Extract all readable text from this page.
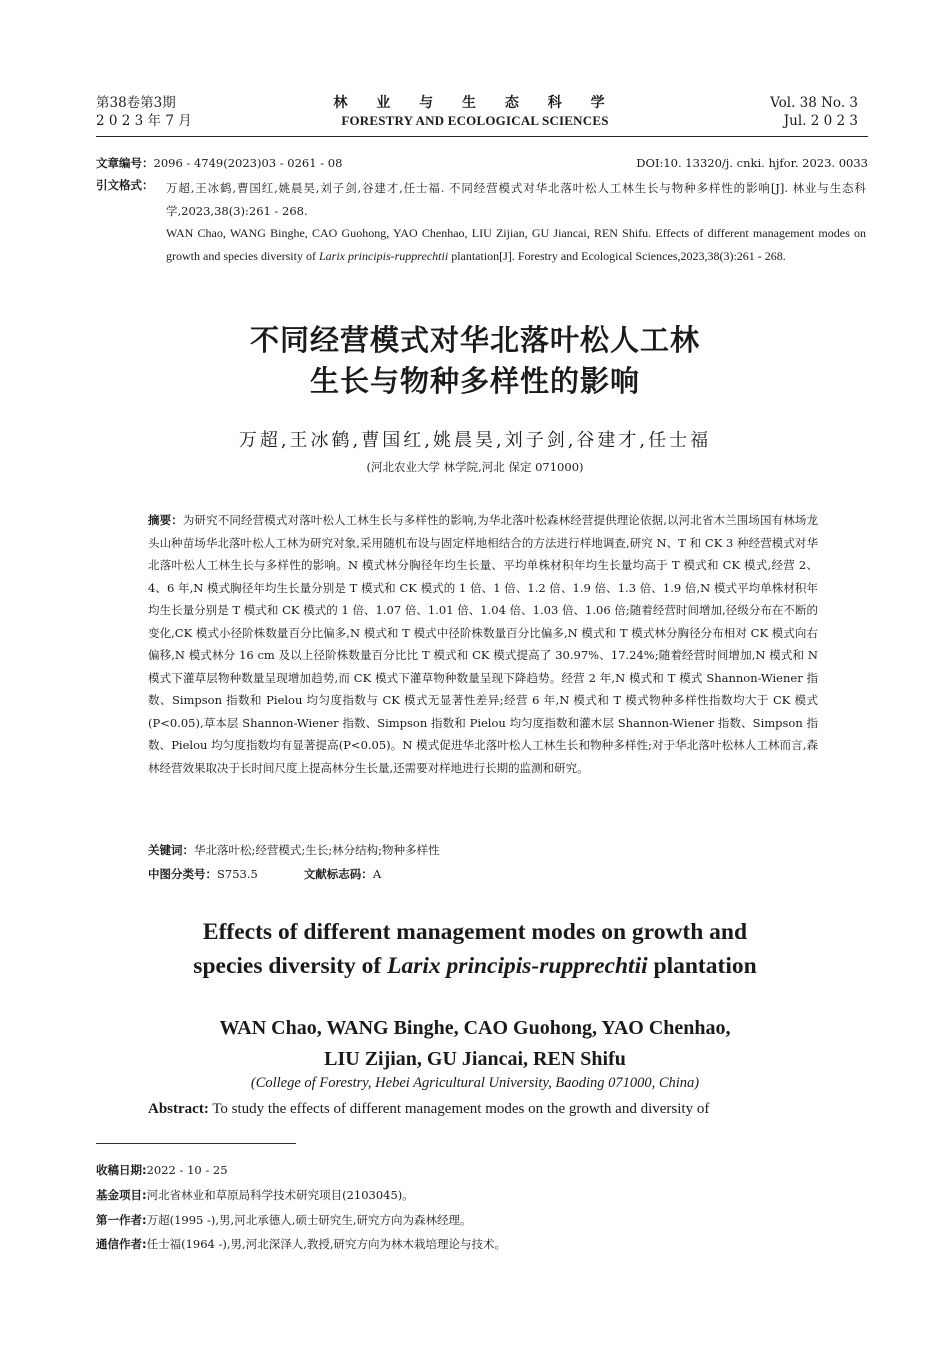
第38卷第3期
2 0 2 3 年 7 月
林 业 与 生 态 科 学
FORESTRY AND ECOLOGICAL SCIENCES
Vol. 38 No. 3
Jul. 2 0 2 3
文章编号：2096 - 4749(2023)03 - 0261 - 08	DOI:10. 13320/j. cnki. hjfor. 2023. 0033
引文格式： 万超,王冰鹤,曹国红,姚晨昊,刘子剑,谷建才,任士福. 不同经营模式对华北落叶松人工林生长与物种多样性的影响[J]. 林业与生态科学,2023,38(3):261 - 268.
WAN Chao, WANG Binghe, CAO Guohong, YAO Chenhao, LIU Zijian, GU Jiancai, REN Shifu. Effects of different management modes on growth and species diversity of Larix principis-rupprechtii plantation[J]. Forestry and Ecological Sciences,2023,38(3):261 - 268.
不同经营模式对华北落叶松人工林
生长与物种多样性的影响
万超,王冰鹤,曹国红,姚晨昊,刘子剑,谷建才,任士福
(河北农业大学 林学院,河北 保定 071000)
摘要：为研究不同经营模式对落叶松人工林生长与多样性的影响,为华北落叶松森林经营提供理论依据,以河北省木兰围场国有林场龙头山种苗场华北落叶松人工林为研究对象,采用随机布设与固定样地相结合的方法进行样地调查,研究 N、T 和 CK 3 种经营模式对华北落叶松人工林生长与多样性的影响。N 模式林分胸径年均生长量、平均单株材积年均生长量均高于 T 模式和 CK 模式,经营 2、4、6 年,N 模式胸径年均生长量分别是 T 模式和 CK 模式的 1 倍、1 倍、1.2 倍、1.9 倍、1.3 倍、1.9 倍,N 模式平均单株材积年均生长量分别是 T 模式和 CK 模式的 1 倍、1.07 倍、1.01 倍、1.04 倍、1.03 倍、1.06 倍;随着经营时间增加,径级分布在不断的变化,CK 模式小径阶株数量百分比偏多,N 模式和 T 模式中径阶株数量百分比偏多,N 模式和 T 模式林分胸径分布相对 CK 模式向右偏移,N 模式林分 16 cm 及以上径阶株数量百分比比 T 模式和 CK 模式提高了 30.97%、17.24%;随着经营时间增加,N 模式和 N 模式下灌草层物种数量呈现增加趋势,而 CK 模式下灌草物种数量呈现下降趋势。经营 2 年,N 模式和 T 模式 Shannon-Wiener 指数、Simpson 指数和 Pielou 均匀度指数与 CK 模式无显著性差异;经营 6 年,N 模式和 T 模式物种多样性指数均大于 CK 模式(P<0.05),草本层 Shannon-Wiener 指数、Simpson 指数和 Pielou 均匀度指数和灌木层 Shannon-Wiener 指数、Simpson 指数、Pielou 均匀度指数均有显著提高(P<0.05)。N 模式促进华北落叶松人工林生长和物种多样性;对于华北落叶松林人工林而言,森林经营效果取决于长时间尺度上提高林分生长量,还需要对样地进行长期的监测和研究。
关键词：华北落叶松;经营模式;生长;林分结构;物种多样性
中图分类号：S753.5	文献标志码：A
Effects of different management modes on growth and
species diversity of Larix principis-rupprechtii plantation
WAN Chao, WANG Binghe, CAO Guohong, YAO Chenhao,
LIU Zijian, GU Jiancai, REN Shifu
(College of Forestry, Hebei Agricultural University, Baoding 071000, China)
Abstract: To study the effects of different management modes on the growth and diversity of
收稿日期:2022 - 10 - 25
基金项目:河北省林业和草原局科学技术研究项目(2103045)。
第一作者:万超(1995 -),男,河北承德人,硕士研究生,研究方向为森林经理。
通信作者:任士福(1964 -),男,河北深泽人,教授,研究方向为林木栽培理论与技术。
